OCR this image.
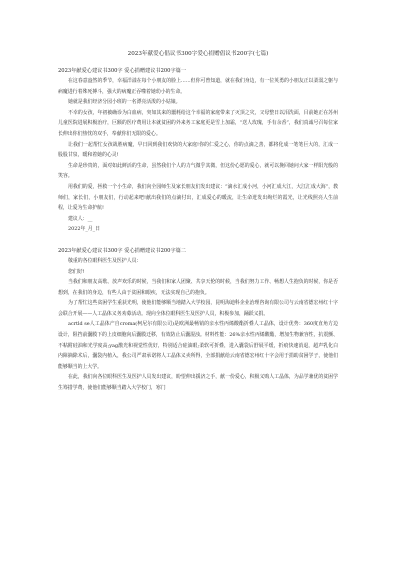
2023年献爱心倡议书300字爱心捐赠倡议书200字(七篇)
2023年献爱心建议书300字 爱心捐赠建议书200字篇一

在这春意盎然的季节，幸福洋溢在每个小朋友的脸上……但你可曾知道，就在我们身边，有一位英勇的小朋友正以柔弱之躯与病魔进行着殊死搏斗，强大的病魔正吞噬着她幼小的生命。

她就是我们经济分园小班的一名漂亮活泼的小姑娘。

不幸的女孩，年初被确诊为白血病，突如其来的噩耗给这个幸福的家庭带来了灭顶之灾，父母整日以泪洗面，目前她正在苏州儿童医院进展积极治疗，巨额的医疗费用让本就贫困的外来务工家庭更是雪上加霜，“送人玫瑰，手有余香”，我们真诚号召每位家长伸出你们热忱的双手，奉献你们无限的爱心。

让我们一起帮忙女孩战胜病魔，早日回到我们欢快的大家庭!你的仁爱之心，你的点滴之善，都将化成一笔笔巨大的，汇成一股股甘泉，暖和着她的心灵!

生命是珍贵的，面对如此鲜活的生命，虽然我们个人的力气微乎其微，但这份心愿的爱心，就可以挽回她问大家一样阳光般的笑容。

用我们的爱，拯救一个小生命，我们向全园师生及家长朋友们发出建议：“滴水汇成小河，小河汇成大江，大江汇成大海”，教师们，家长们，小朋友们，行动起来吧!献出我们的点滴付出，汇成爱心的暖流，让生命迸发出绚烂的霞光，让光线照亮人生前程，让爱为生命护航!

建议人：__

2022年_月_日

2023年献爱心建议书300字 爱心捐赠建议书200字篇二

敬重的各位眼科医生及医护人员：

您们好!

当我们和朋友高歌、放声欢乐的时候，当我们和家人团聚、共享天伦的时候，当我们努力工作、畅想人生抱负的时候，你是否想到，在我们的身边，有些人由于贫困和眼疾，无法实现自己的抱负。

为了帮忙这些贫困学生重获光明，使他们能够顺当地踏入大学校园，昆明海迪科企业治理咨询有限公司与云南省德宏州红十字会联合开展——人工晶体义务劝募活动。现向全体位眼科医生及医护人员，积极参加，踊跃义捐。

acrtld se人工晶体产自croma(柯尼尔有限公司)是欧洲最畅销的亲水性丙烯酸酯折叠人工晶体，设计优势：360度直角方边设计，阻挡前囊膜下的上皮细胞向后囊膜迁移，有效防止后囊混浊。材料性能：26%亲水性丙烯酸酯，增加生物兼容性，抗震颤、不粘附硅油和光学度高;yag激光和视觉性优好，特别适合硅油眼;柔软可折叠，进入囊袋后舒展平缓，折痕快速消退，超声乳化白内障摘除术后，囊袋内植入，我公司严肃承诺将人工晶体义卖所得，全部捐献给云南省德宏州红十字会用于捐助贫困学子，使他们能够顺当的上大学。

在此，我们向各位眼科医生及医护人员发出建议，盼望伸出援济之手，献一份爱心，积极义购人工晶体，为品学兼优的贫困学生筹措学费，使他们能够顺当踏入大学校门，寒门
